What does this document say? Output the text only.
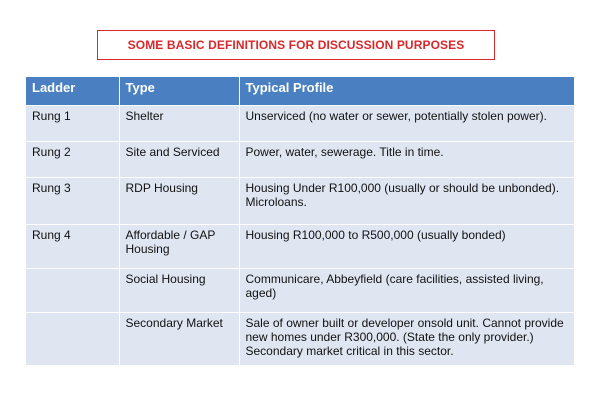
SOME BASIC DEFINITIONS FOR DISCUSSION PURPOSES
Ladder	Type	Typical Profile
Rung 1	Shelter	Unserviced (no water or sewer, potentially stolen power).
Rung 2	Site and Serviced	Power, water, sewerage. Title in time.
Rung 3	RDP Housing	Housing Under R100,000 (usually or should be unbonded). Microloans.
Rung 4	Affordable / GAP Housing	Housing R100,000 to R500,000 (usually bonded)
	Social Housing	Communicare, Abbeyfield (care facilities, assisted living, aged)
	Secondary Market	Sale of owner built or developer onsold unit. Cannot provide new homes under R300,000. (State the only provider.) Secondary market critical in this sector.
